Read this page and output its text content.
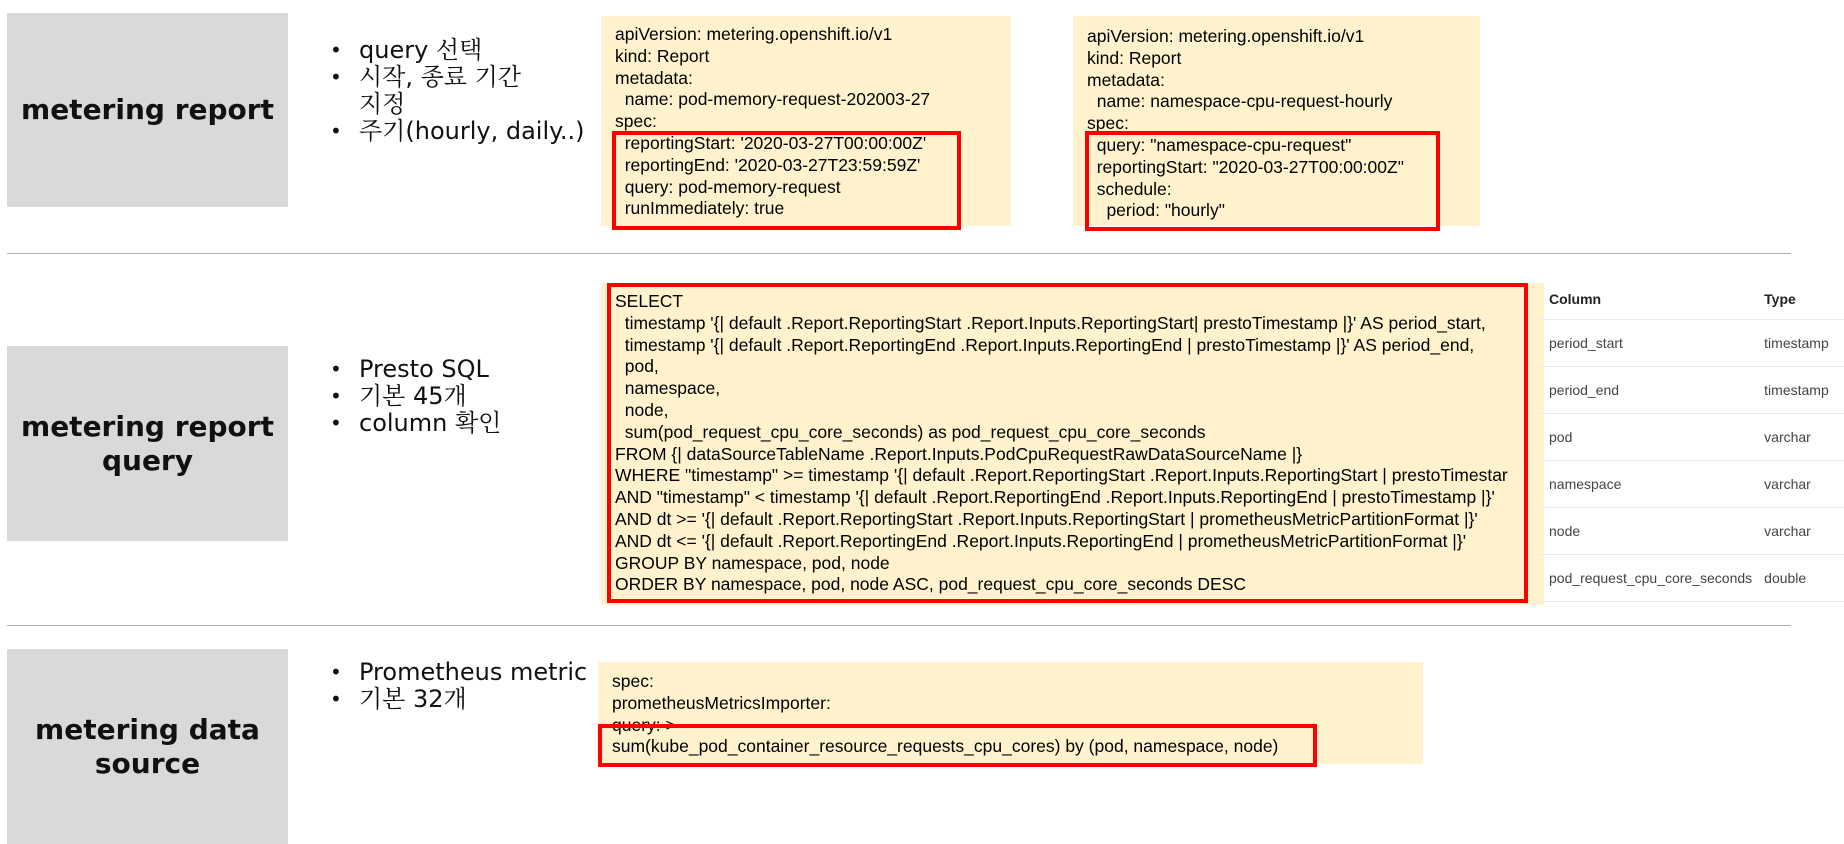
metering report
• query 선택
• 시작, 종료 기간
지정
• 주기(hourly, daily..)
apiVersion: metering.openshift.io/v1
kind: Report
metadata:
name: pod-memory-request-202003-27
spec:
reportingStart: '2020-03-27T00:00:00Z'
reportingEnd: '2020-03-27T23:59:59Z'
query: pod-memory-request
runImmediately: true
apiVersion: metering.openshift.io/v1
kind: Report
metadata:
name: namespace-cpu-request-hourly
spec:
query: "namespace-cpu-request"
reportingStart: "2020-03-27T00:00:00Z"
schedule:
period: "hourly"
metering report
query
• Presto SQL
• 기본 45개
• column 확인
SELECT
timestamp '{| default .Report.ReportingStart .Report.Inputs.ReportingStart| prestoTimestamp |}' AS period_start,
timestamp '{| default .Report.ReportingEnd .Report.Inputs.ReportingEnd | prestoTimestamp |}' AS period_end,
pod,
namespace,
node,
sum(pod_request_cpu_core_seconds) as pod_request_cpu_core_seconds
FROM {| dataSourceTableName .Report.Inputs.PodCpuRequestRawDataSourceName |}
WHERE "timestamp" >= timestamp '{| default .Report.ReportingStart .Report.Inputs.ReportingStart | prestoTimestar
AND "timestamp" < timestamp '{| default .Report.ReportingEnd .Report.Inputs.ReportingEnd | prestoTimestamp |}'
AND dt >= '{| default .Report.ReportingStart .Report.Inputs.ReportingStart | prometheusMetricPartitionFormat |}'
AND dt <= '{| default .Report.ReportingEnd .Report.Inputs.ReportingEnd | prometheusMetricPartitionFormat |}'
GROUP BY namespace, pod, node
ORDER BY namespace, pod, node ASC, pod_request_cpu_core_seconds DESC
Column	Type
period_start	timestamp
period_end	timestamp
pod	varchar
namespace	varchar
node	varchar
pod_request_cpu_core_seconds	double
metering data
source
• Prometheus metric
• 기본 32개
spec:
prometheusMetricsImporter:
query: >
sum(kube_pod_container_resource_requests_cpu_cores) by (pod, namespace, node)
